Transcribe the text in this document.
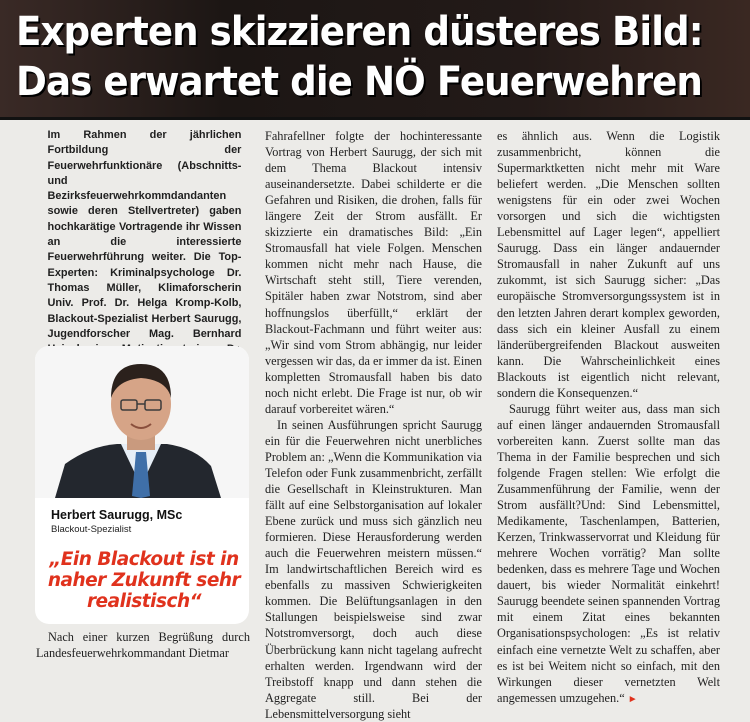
Experten skizzieren düsteres Bild:
Das erwartet die NÖ Feuerwehren

Im Rahmen der jährlichen Fortbildung der Feuerwehrfunktionäre (Abschnitts- und Bezirksfeuerwehrkommdandanten sowie deren Stellvertreter) gaben hochkarätige Vortragende ihr Wissen an die interessierte Feuerwehrführung weiter. Die Top-Experten: Kriminalpsychologe Dr. Thomas Müller, Klimaforscherin Univ. Prof. Dr. Helga Kromp-Kolb, Blackout-Spezialist Herbert Saurugg, Jugendforscher Mag. Bernhard

Herbert Saurugg, MSc
Blackout-Spezialist
„Ein Blackout ist in naher Zukunft sehr realistisch“

Nach einer kurzen Begrüßung durch Landesfeuerwehrkommandant Dietmar

Fahrafellner folgte der hochinteressante Vortrag von Herbert Saurugg, der sich mit dem Thema Blackout intensiv auseinandersetzte. Dabei schilderte er die Gefahren und Risiken, die drohen, falls für längere Zeit der Strom ausfällt. Er skizzierte ein dramatisches Bild: „Ein Stromausfall hat viele Folgen. Menschen kommen nicht mehr nach Hause, die Wirtschaft steht still, Tiere verenden, Spitäler haben zwar Notstrom, sind aber hoffnungslos überfüllt,“ erklärt der Blackout-Fachmann und führt weiter aus: „Wir sind vom Strom abhängig, nur leider vergessen wir das, da er immer da ist. Einen kompletten Stromausfall haben bis dato noch nicht erlebt. Die Frage ist nur, ob wir darauf vorbereitet wären.“

In seinen Ausführungen spricht Saurugg ein für die Feuerwehren nicht unerbliches Problem an: „Wenn die Kommunikation via Telefon oder Funk zusammenbricht, zerfällt die Gesellschaft in Kleinstrukturen. Man fällt auf eine Selbstorganisation auf lokaler Ebene zurück und muss sich gänzlich neu formieren. Diese Herausforderung werden auch die Feuerwehren meistern müssen.“ Im landwirtschaftlichen Bereich wird es ebenfalls zu massiven Schwierigkeiten kommen. Die Belüftungsanlagen in den Stallungen beispielsweise sind zwar Notstromversorgt, doch auch diese Überbrückung kann nicht tagelang aufrecht erhalten werden. Irgendwann wird der Treibstoff knapp und dann stehen die Aggregate still. Bei der Lebensmittelversorgung sieht

es ähnlich aus. Wenn die Logistik zusammenbricht, können die Supermarktketten nicht mehr mit Ware beliefert werden. „Die Menschen sollten wenigstens für ein oder zwei Wochen vorsorgen und sich die wichtigsten Lebensmittel auf Lager legen“, appelliert Saurugg. Dass ein länger andauernder Stromausfall in naher Zukunft auf uns zukommt, ist sich Saurugg sicher: „Das europäische Stromversorgungssystem ist in den letzten Jahren derart komplex geworden, dass sich ein kleiner Ausfall zu einem länderübergreifenden Blackout ausweiten kann. Die Wahrscheinlichkeit eines Blackouts ist eigentlich nicht relevant, sondern die Konsequenzen.“

Saurugg führt weiter aus, dass man sich auf einen länger andauernden Stromausfall vorbereiten kann. Zuerst sollte man das Thema in der Familie besprechen und sich folgende Fragen stellen: Wie erfolgt die Zusammenführung der Familie, wenn der Strom ausfällt?Und: Sind Lebensmittel, Medikamente, Taschenlampen, Batterien, Kerzen, Trinkwasservorrat und Kleidung für mehrere Wochen vorrätig? Man sollte bedenken, dass es mehrere Tage und Wochen dauert, bis wieder Normalität einkehrt! Saurugg beendete seinen spannenden Vortrag mit einem Zitat eines bekannten Organisationspsychologen: „Es ist relativ einfach eine vernetzte Welt zu schaffen, aber es ist bei Weitem nicht so einfach, mit den Wirkungen dieser vernetzten Welt angemessen umzugehen.“ ►
